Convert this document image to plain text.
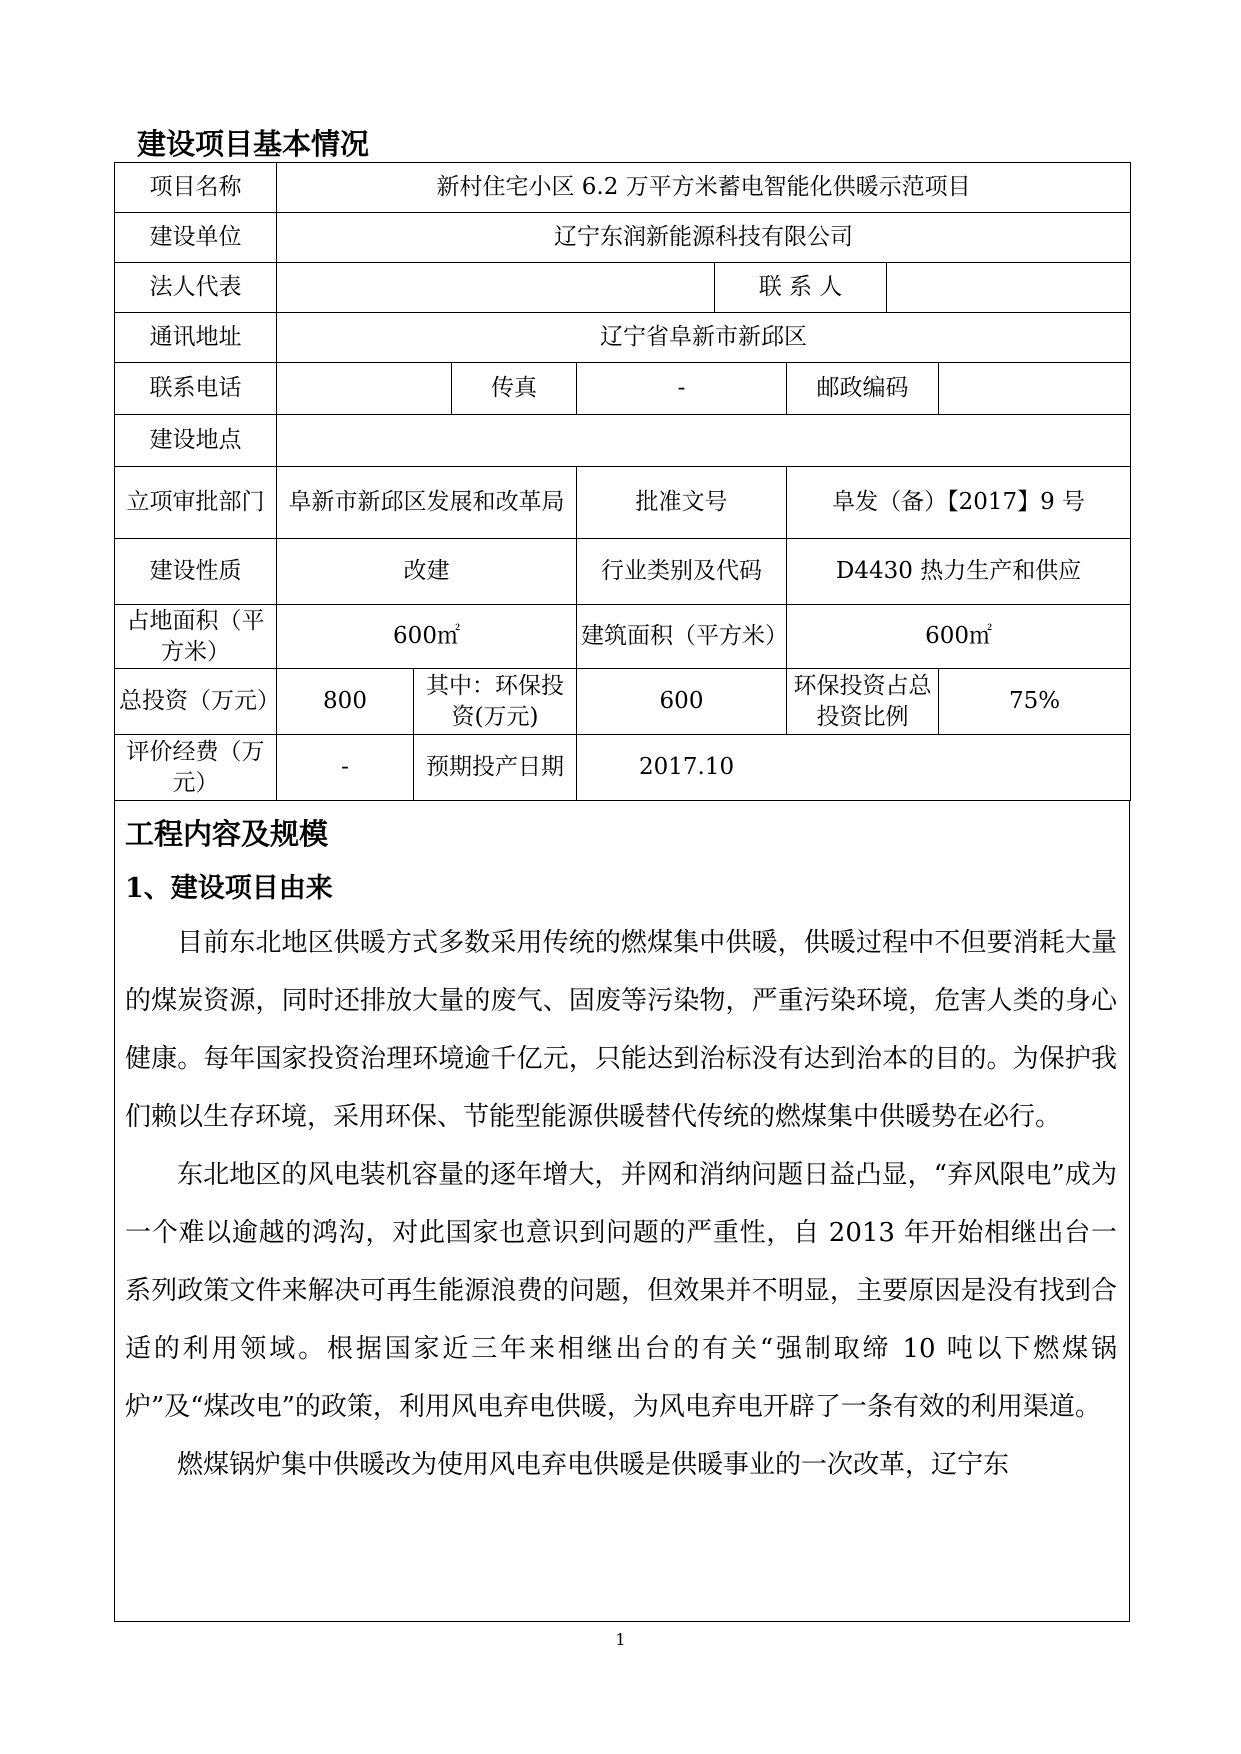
建设项目基本情况
项目名称	新村住宅小区 6.2 万平方米蓄电智能化供暖示范项目							
建设单位	辽宁东润新能源科技有限公司							
法人代表					联 系 人			
通讯地址	辽宁省阜新市新邱区							
联系电话			传真	-		邮政编码		
建设地点								
立项审批部门	阜新市新邱区发展和改革局			批准文号		阜发（备）【2017】9 号		
建设性质	改建			行业类别及代码		D4430 热力生产和供应		
占地面积（平方米）	600㎡			建筑面积（平方米）		600㎡		
总投资（万元）	800	其中：环保投资(万元)		600		环保投资占总投资比例		75%
评价经费（万元）	-	预期投产日期		2017.10				
工程内容及规模
1、建设项目由来

目前东北地区供暖方式多数采用传统的燃煤集中供暖，供暖过程中不但要消耗大量的煤炭资源，同时还排放大量的废气、固废等污染物，严重污染环境，危害人类的身心健康。每年国家投资治理环境逾千亿元，只能达到治标没有达到治本的目的。为保护我们赖以生存环境，采用环保、节能型能源供暖替代传统的燃煤集中供暖势在必行。

东北地区的风电装机容量的逐年增大，并网和消纳问题日益凸显，“弃风限电”成为一个难以逾越的鸿沟，对此国家也意识到问题的严重性，自 2013 年开始相继出台一系列政策文件来解决可再生能源浪费的问题，但效果并不明显，主要原因是没有找到合适的利用领域。根据国家近三年来相继出台的有关“强制取缔 10 吨以下燃煤锅炉”及“煤改电”的政策，利用风电弃电供暖，为风电弃电开辟了一条有效的利用渠道。

燃煤锅炉集中供暖改为使用风电弃电供暖是供暖事业的一次改革，辽宁东

1
